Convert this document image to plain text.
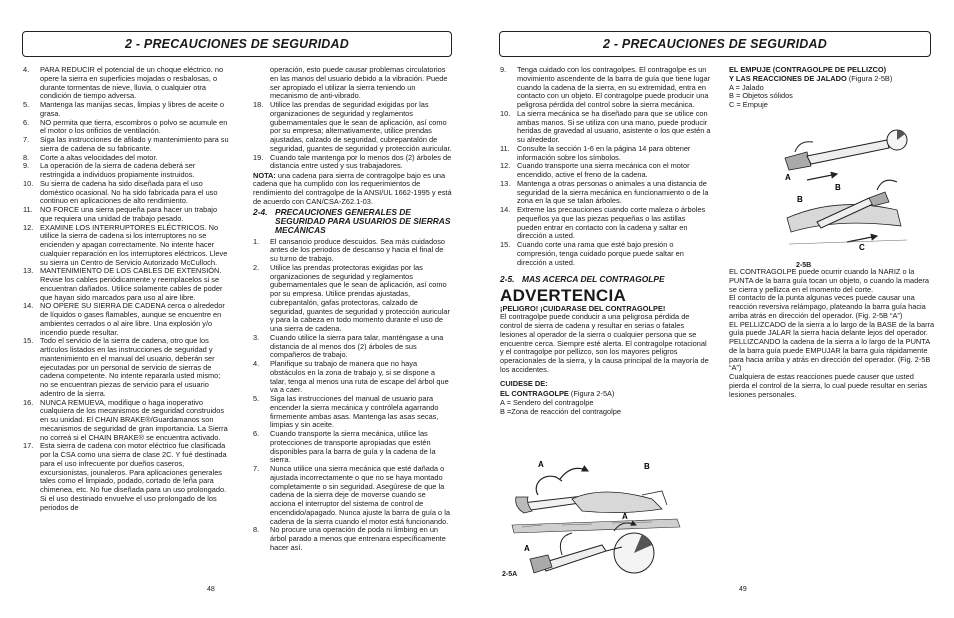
2 - PRECAUCIONES DE SEGURIDAD
4.	PARA REDUCIR el potencial de un choque eléctrico. no opere la sierra en superficies mojadas o resbalosas, o durante tormentas de nieve, lluvia, o cualquier otra condición de tiempo adversa.
5.	Mantenga las manijas secas, limpias y libres de aceite o grasa.
6.	NO permita que tierra, escombros o polvo se acumule en el motor o los orificios de ventilación.
7.	Siga las instrucciones de afilado y mantenimiento para su sierra de cadena de su fabricante.
8.	Corte a altas velocidades del motor.
9.	La operación de la sierra de cadena deberá ser restringida a individuos propiamente instruidos.
10. Su sierra de cadena ha sido diseñada para el uso doméstico ocasional. No ha sido fabricada para el uso continuo en aplicaciones de alto rendimiento.
11. NO FORCE una sierra pequeña para hacer un trabajo que requiera una unidad de trabajo pesado.
12. EXAMINE LOS INTERRUPTORES ELÉCTRICOS. No utilice la sierra de cadena si los interruptores no se encienden y apagan correctamente. No intente hacer cualquier reparación en los interruptores eléctricos. Lleve su sierra un Centro de Servicio Autorizado McCulloch.
13. MANTENIMIENTO DE LOS CABLES DE EXTENSIÓN. Revise los cables periódicamente y reemplacelos si se encuentran dañados. Utilice solamente cables de poder que hayan sido marcados para uso al aire libre.
14. NO OPERE SU SIERRA DE CADENA cerca o alrededor de líquidos o gases flamables, aunque se encuentre en ambientes cerrados o al aire libre. Una explosión y/o incendio puede resultar.
15. Todo el servicio de la sierra de cadena, otro que los artículos listados en las instrucciones de seguridad y mantenimiento en el manual del usuario, deberán ser ejecutadas por un personal de servicio de sierras de cadena competente. No intente repararla usted mismo; no se encuentran piezas de servicio para el usuario adentro de la sierra.
16. NUNCA REMUEVA, modifique o haga inoperativo cualquiera de los mecanismos de seguridad construidos en su unidad. El CHAIN BRAKE®/Guardamanos son mecanismos de seguridad de gran importancia. La Sierra no correá si el CHAIN BRAKE® se encuentra activado.
17. Esta sierra de cadena con motor eléctrico fue clasificada por la CSA como una sierra de clase 2C. Y fué destinada para el uso infrecuente por dueños caseros, excursionistas, jounaleros. Para aplicaciones generales tales como el limpiado, podado, cortado de leña para chimenea, etc. No fue diseñada para un uso prolongado. Si el uso destinado envuelve el uso prolongado de los periodos de
operación, esto puede causar problemas circulatorios en las manos del usuario debido a la vibración. Puede ser apropiado el utilizar la sierra teniendo un mecanismo de anti-vibrado.
18. Utilice las prendas de seguridad exigidas por las organizaciones de seguridad y reglamentos gubernamentales que le sean de aplicación, así como por su empresa; alternativamente, utilice prendas ajustadas, calzado de seguridad, cubrepantalón de seguridad, guantes de seguridad y protección auricular.
19. Cuando tale mantenga por lo menos dos (2) árboles de distancia entre usted y sus trabajadores.

NOTA: una cadena para sierra de contragolpe bajo es una cadena que ha cumplido con los requerimientos de rendimiento del contragolpe de la ANSI/UL 1662-1995 y está de acuerdo con CAN/CSA-Z62.1-03.

2-4. PRECAUCIONES GENERALES DE SEGURIDAD PARA USUARIOS DE SIERRAS MECÁNICAS
1.	El cansancio produce descuidos. Sea más cuidadoso antes de los periodos de descanso y hacia el final de su turno de trabajo.
2.	Utilice las prendas protectoras exigidas por las organizaciones de seguridad y reglamentos gubernamentales que le sean de aplicación, así como por su empresa. Utilice prendas ajustadas, cubrepantalón, gafas protectoras, calzado de seguridad, guantes de seguridad y protección auricular y para la cabeza en todo momento durante el uso de una sierra de cadena.
3.	Cuando utilice la sierra para talar, manténgase a una distancia de al menos dos (2) árboles de sus compañeros de trabajo.
4.	Planifique su trabajo de manera que no haya obstáculos en la zona de trabajo y, si se dispone a talar, tenga al menos una ruta de escape del árbol que va a caer.
5.	Siga las instrucciones del manual de usuario para encender la sierra mecánica y contrólela agarrando firmemente ambas asas. Mantenga las asas secas, limpias y sin aceite.
6.	Cuando transporte la sierra mecánica, utilice las protecciones de transporte apropiadas que estén disponibles para la barra de guía y la cadena de la sierra.
7.	Nunca utilice una sierra mecánica que esté dañada o ajustada incorrectamente o que no se haya montado completamente o sin seguridad. Asegúrese de que la cadena de la sierra deje de moverse cuando se acciona el interruptor del sistema de control de encendido/apagado. Nunca ajuste la barra de guía o la cadena de la sierra cuando el motor está funcionando.
8.	No procure una operación de poda ni limbing en un árbol parado a menos que entrenara específicamente hacer así.
48
2 - PRECAUCIONES DE SEGURIDAD
9.	Tenga cuidado con los contragolpes. El contragolpe es un movimiento ascendente de la barra de guía que tiene lugar cuando la cadena de la sierra, en su extremidad, entra en contacto con un objeto. El contragolpe puede producir una peligrosa pérdida del control sobre la sierra mecánica.
10. La sierra mecánica se ha diseñado para que se utilice con ambas manos. Si se utiliza con una mano, puede producir heridas de gravedad al usuario, asistente o los que estén a su alrededor.
11. Consulte la sección 1-6 en la página 14 para obtener información sobre los símbolos.
12. Cuando transporte una sierra mecánica con el motor encendido, active el freno de la cadena.
13. Mantenga a otras personas o animales a una distancia de seguridad de la sierra mecánica en funcionamiento o de la zona en la que se talan árboles.
14. Extreme las precauciones cuando corte maleza o árboles pequeños ya que las piezas pequeñas o las astillas pueden entrar en contacto con la cadena y saltar en dirección a usted.
15. Cuando corte una rama que esté bajo presión o compresión, tenga cuidado porque puede saltar en dirección a usted.
2-5. MAS ACERCA DEL CONTRAGOLPE
ADVERTENCIA
¡PELIGRO! ¡CUIDARASE DEL CONTRAGOLPE!

El contragolpe puede conducir a una peligrosa pérdida de control de sierra de cadena y resultar en serias o fatales lesiones al operador de la sierra o cualquier persona que se encuentre cerca. Siempre esté alerta. El contragolpe rotacional y el contragolpe por pellizco, son los mayores peligros operacionales de la sierra, y la causa principal de la mayoría de los accidentes.

CUIDESE DE:
EL CONTRAGOLPE (Figura 2-5A)
A = Sendero del contragolpe
B =Zona de reacción del contragolpe
A	B
A
A
2-5A
EL EMPUJE (CONTRAGOLPE DE PELLIZCO)
Y LAS REACCIONES DE JALADO (Figura 2-5B)
A = Jalado
B = Objetos sólidos
C = Empuje
A
B
B
C
2-5B

EL CONTRAGOLPE puede ocurrir cuando la NARIZ o la PUNTA de la barra guía tocan un objeto, o cuando la madera se cierra y pellizca en el momento del corte.

El contacto de la punta algunas veces puede causar una reacción reversiva relámpago, plateando la barra guía hacia arriba atrás en dirección del operador. (Fig. 2-5B “A”)

EL PELLIZCADO de la sierra a lo largo de la BASE de la barra guía puede JALAR la sierra hacia delante lejos del operador. PELLIZCANDO la cadena de la sierra a lo largo de la PUNTA de la barra guía puede EMPUJAR la barra guía rápidamente para hacia arriba y atrás en dirección del operador. (Fig. 2-5B “A”)

Cualquiera de estas reacciones puede causer que usted pierda el control de la sierra, lo cual puede resultar en serias lesiones personales.

49
